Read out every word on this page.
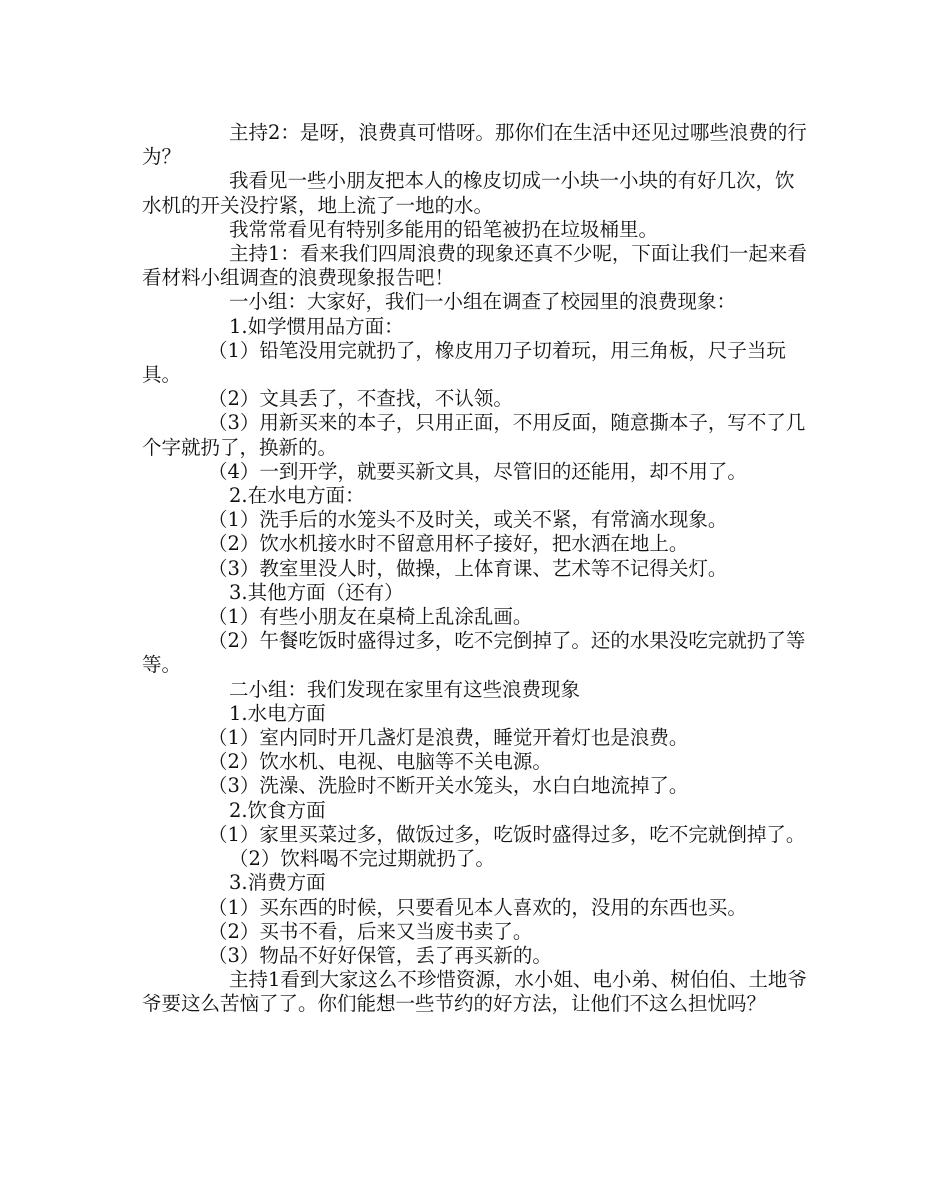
主持2：是呀，浪费真可惜呀。那你们在生活中还见过哪些浪费的行为？

我看见一些小朋友把本人的橡皮切成一小块一小块的有好几次，饮水机的开关没拧紧，地上流了一地的水。

我常常看见有特别多能用的铅笔被扔在垃圾桶里。

主持1：看来我们四周浪费的现象还真不少呢，下面让我们一起来看看材料小组调查的浪费现象报告吧！

一小组：大家好，我们一小组在调查了校园里的浪费现象：

1.如学惯用品方面：

（1）铅笔没用完就扔了，橡皮用刀子切着玩，用三角板，尺子当玩具。

（2）文具丢了，不查找，不认领。

（3）用新买来的本子，只用正面，不用反面，随意撕本子，写不了几个字就扔了，换新的。

（4）一到开学，就要买新文具，尽管旧的还能用，却不用了。

2.在水电方面：

（1）洗手后的水笼头不及时关，或关不紧，有常滴水现象。

（2）饮水机接水时不留意用杯子接好，把水洒在地上。

（3）教室里没人时，做操，上体育课、艺术等不记得关灯。

3.其他方面（还有）

（1）有些小朋友在桌椅上乱涂乱画。

（2）午餐吃饭时盛得过多，吃不完倒掉了。还的水果没吃完就扔了等等。

二小组：我们发现在家里有这些浪费现象

1.水电方面

（1）室内同时开几盏灯是浪费，睡觉开着灯也是浪费。

（2）饮水机、电视、电脑等不关电源。

（3）洗澡、洗脸时不断开关水笼头，水白白地流掉了。

2.饮食方面

（1）家里买菜过多，做饭过多，吃饭时盛得过多，吃不完就倒掉了。

（2）饮料喝不完过期就扔了。

3.消费方面

（1）买东西的时候，只要看见本人喜欢的，没用的东西也买。

（2）买书不看，后来又当废书卖了。

（3）物品不好好保管，丢了再买新的。

主持1看到大家这么不珍惜资源，水小姐、电小弟、树伯伯、土地爷爷要这么苦恼了了。你们能想一些节约的好方法，让他们不这么担忧吗？
